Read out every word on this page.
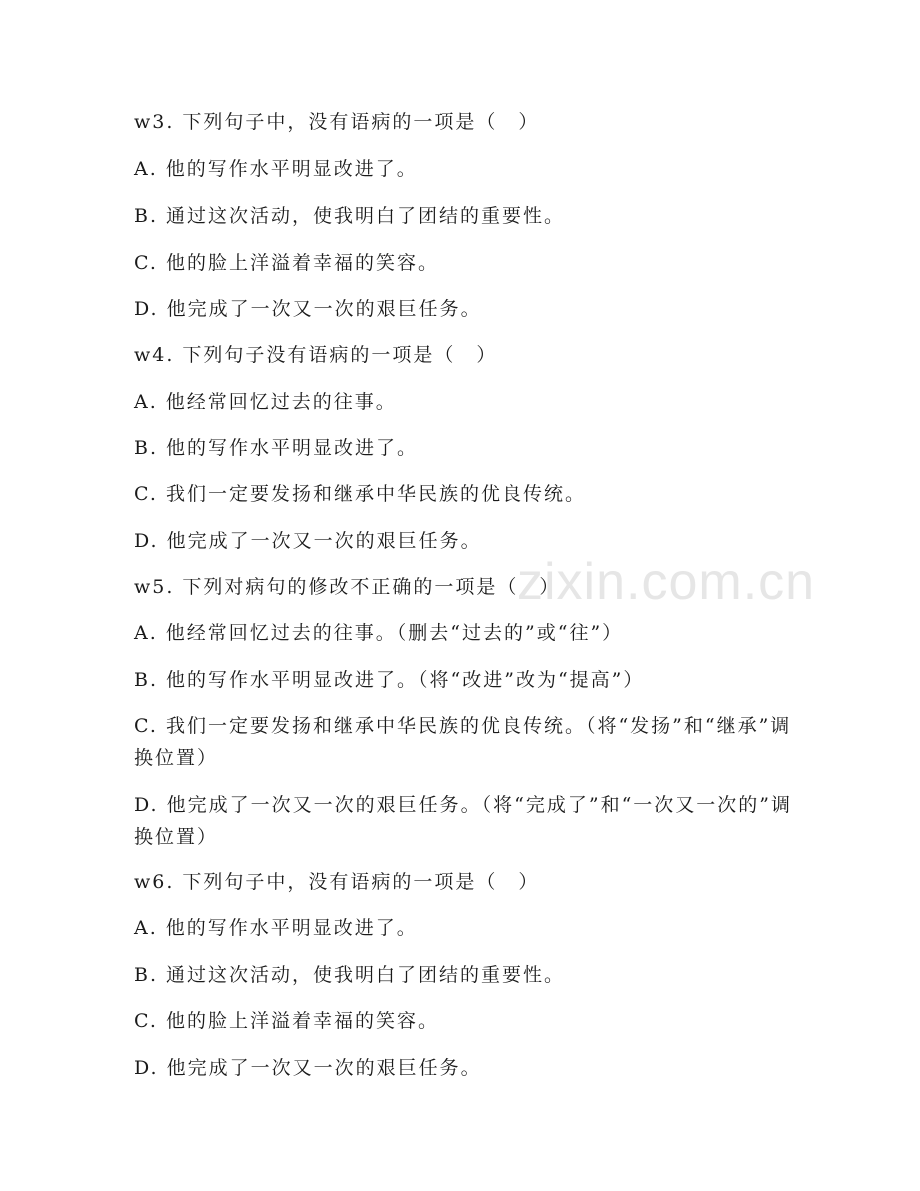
zixin.com.cn
w3. 下列句子中，没有语病的一项是（　）
A. 他的写作水平明显改进了。
B. 通过这次活动，使我明白了团结的重要性。
C. 他的脸上洋溢着幸福的笑容。
D. 他完成了一次又一次的艰巨任务。
w4. 下列句子没有语病的一项是（　）
A. 他经常回忆过去的往事。
B. 他的写作水平明显改进了。
C. 我们一定要发扬和继承中华民族的优良传统。
D. 他完成了一次又一次的艰巨任务。
w5. 下列对病句的修改不正确的一项是（　）
A. 他经常回忆过去的往事。（删去“过去的”或“往”）
B. 他的写作水平明显改进了。（将“改进”改为“提高”）
C. 我们一定要发扬和继承中华民族的优良传统。（将“发扬”和“继承”调换位置）
D. 他完成了一次又一次的艰巨任务。（将“完成了”和“一次又一次的”调换位置）
w6. 下列句子中，没有语病的一项是（　）
A. 他的写作水平明显改进了。
B. 通过这次活动，使我明白了团结的重要性。
C. 他的脸上洋溢着幸福的笑容。
D. 他完成了一次又一次的艰巨任务。
